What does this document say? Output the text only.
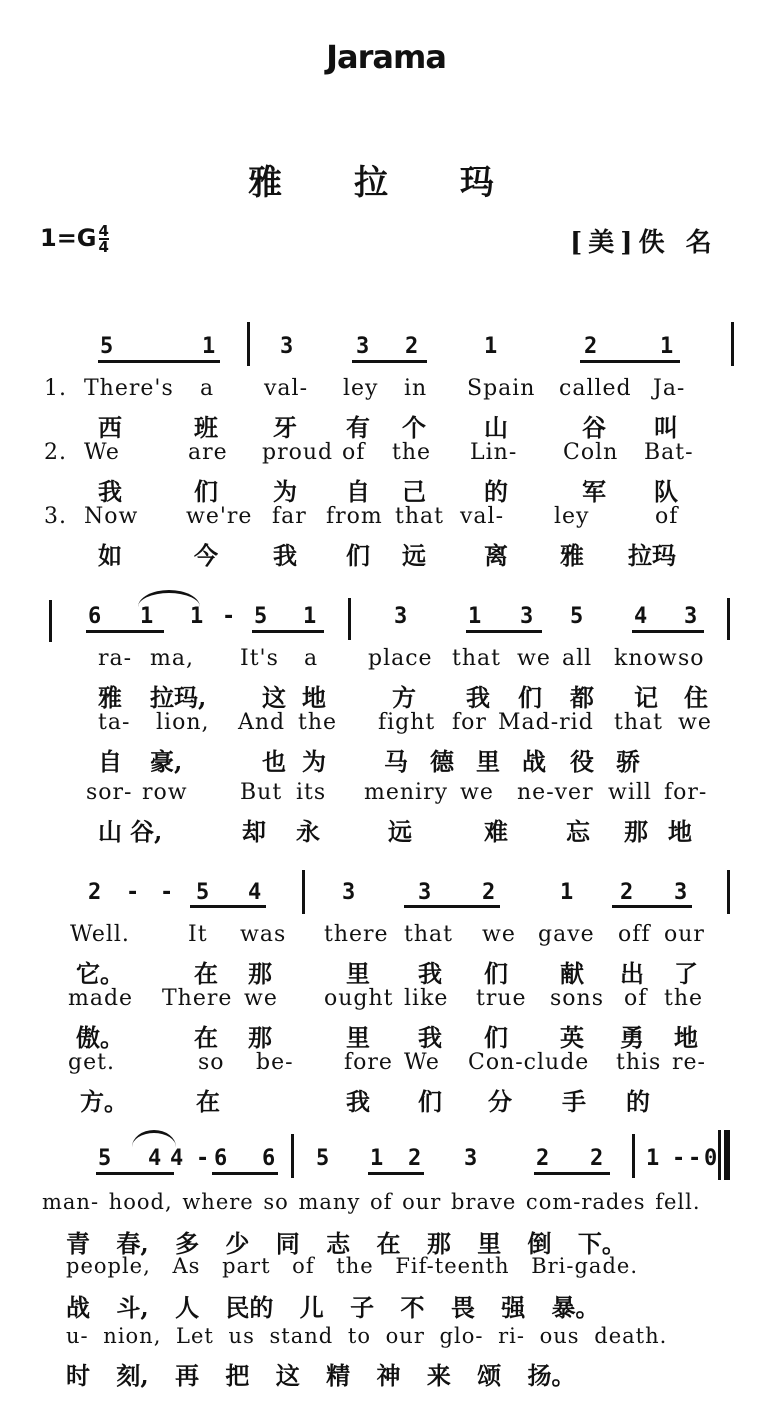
Jarama
雅 拉 玛
$1=G \frac{4}{4}$	[美]佚 名
5	1	3	3 2	1	2	1
1.
2.
3.
There's a val- ley in Spain called Ja-
西	班 牙 有 个 山	谷 叫
We	are proud of the Lin- Coln Bat-
我	们 为 自 己 的	军 队
Now we're far from that val- ley	of
如	今 我 们 远 离 雅 拉玛
6 1 1 - 5 1	3	1 3 5 4 3
ra- ma, It's a place that we all know so
雅 拉玛, 这 地	方 我 们 都 记 住
ta- lion, And the fight for Mad-rid that we
自 豪,	也 为 马 德 里 战 役 骄
sor- row But its meniry we ne-ver will for-
山 谷,	却 永	远	难 忘 那 地
2 - - 5 4	3	3 2	1 2 3
Well.	It was there that we gave off our
它。	在 那	里 我 们 献 出 了
made There we ought like true sons of the
傲。	在 那	里 我 们 英 勇 地
get.	so be- fore We Con-clude this re-
方。	在	我 们 分 手 的
5 4 4 - 6 6 5 1 2 3	2 2 1 - - 0
man- hood, where so many of our brave com-rades fell.
青 春, 多 少 同 志 在 那 里 倒 下。
people, As part of the Fif-teenth Bri-gade.
战 斗, 人 民的 儿 子 不 畏 强 暴。
u- nion, Let us stand to our glo- ri- ous death.
时 刻, 再 把 这 精 神 来 颂 扬。
